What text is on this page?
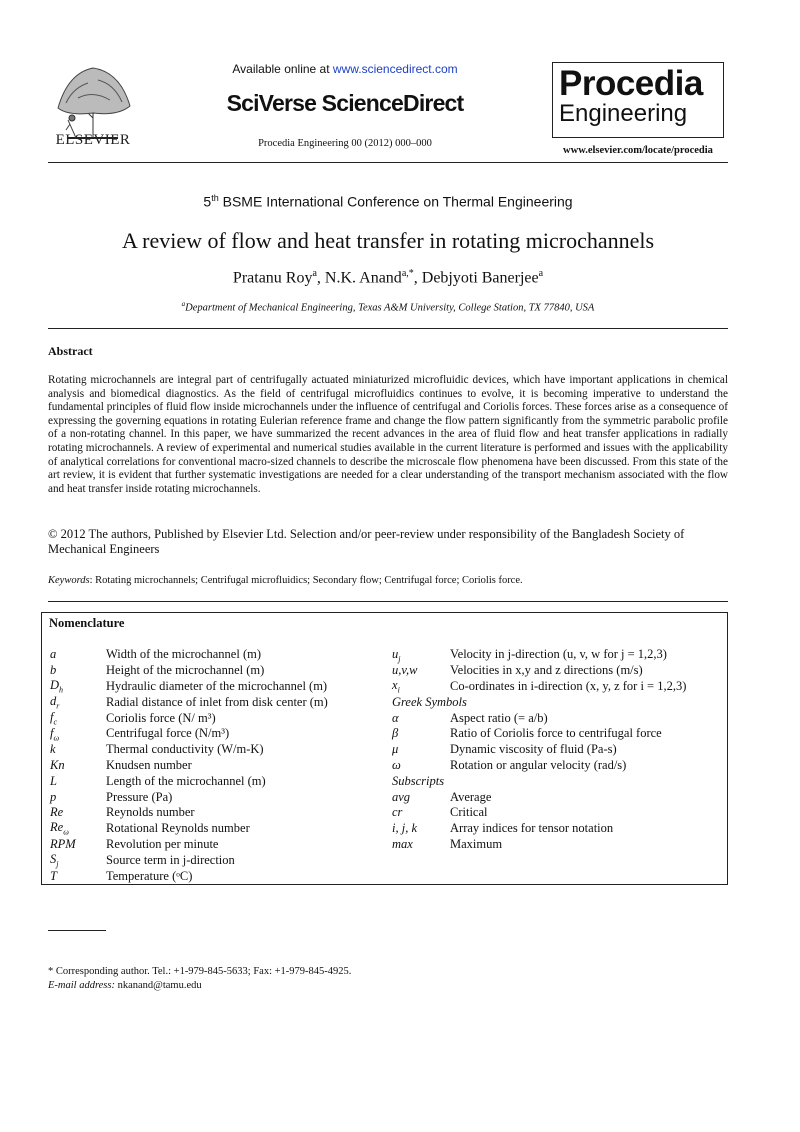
ELSEVIER
Available online at www.sciencedirect.com
SciVerse ScienceDirect
Procedia Engineering 00 (2012) 000–000
Procedia
Engineering
www.elsevier.com/locate/procedia
5th BSME International Conference on Thermal Engineering
A review of flow and heat transfer in rotating microchannels
Pratanu Roy$^a$, N.K. Anand$^{a,*}$, Debjyoti Banerjee$^a$
$^a$Department of Mechanical Engineering, Texas A&M University, College Station, TX 77840, USA
Abstract
Rotating microchannels are integral part of centrifugally actuated miniaturized microfluidic devices, which have important applications in chemical analysis and biomedical diagnostics. As the field of centrifugal microfluidics continues to evolve, it is becoming imperative to understand the fundamental principles of fluid flow inside microchannels under the influence of centrifugal and Coriolis forces. These forces arise as a consequence of expressing the governing equations in rotating Eulerian reference frame and change the flow pattern significantly from the symmetric parabolic profile of a non-rotating channel. In this paper, we have summarized the recent advances in the area of fluid flow and heat transfer applications in radially rotating microchannels. A review of experimental and numerical studies available in the current literature is performed and issues with the applicability of analytical correlations for conventional macro-sized channels to describe the microscale flow phenomena have been discussed. From this state of the art review, it is evident that further systematic investigations are needed for a clear understanding of the transport mechanism associated with the flow and heat transfer inside rotating microchannels.
© 2012 The authors, Published by Elsevier Ltd. Selection and/or peer-review under responsibility of the Bangladesh Society of Mechanical Engineers
Keywords: Rotating microchannels; Centrifugal microfluidics; Secondary flow; Centrifugal force; Coriolis force.
Nomenclature
a	Width of the microchannel (m)
b	Height of the microchannel (m)
$D_h$	Hydraulic diameter of the microchannel (m)
$d_r$	Radial distance of inlet from disk center (m)
$f_c$	Coriolis force (N/ m³)
$f_\omega$	Centrifugal force (N/m³)
k	Thermal conductivity (W/m-K)
Kn	Knudsen number
L	Length of the microchannel (m)
p	Pressure (Pa)
Re	Reynolds number
$Re_\omega$	Rotational Reynolds number
RPM	Revolution per minute
$S_j$	Source term in j-direction
T	Temperature (ᵒC)
$u_j$	Velocity in j-direction (u, v, w for j = 1,2,3)
u,v,w	Velocities in x,y and z directions (m/s)
$x_i$	Co-ordinates in i-direction (x, y, z for i = 1,2,3)
Greek Symbols
α	Aspect ratio (= a/b)
β	Ratio of Coriolis force to centrifugal force
μ	Dynamic viscosity of fluid (Pa-s)
ω	Rotation or angular velocity (rad/s)
Subscripts
avg	Average
cr	Critical
i, j, k	Array indices for tensor notation
max	Maximum
* Corresponding author. Tel.: +1-979-845-5633; Fax: +1-979-845-4925.
E-mail address: nkanand@tamu.edu
